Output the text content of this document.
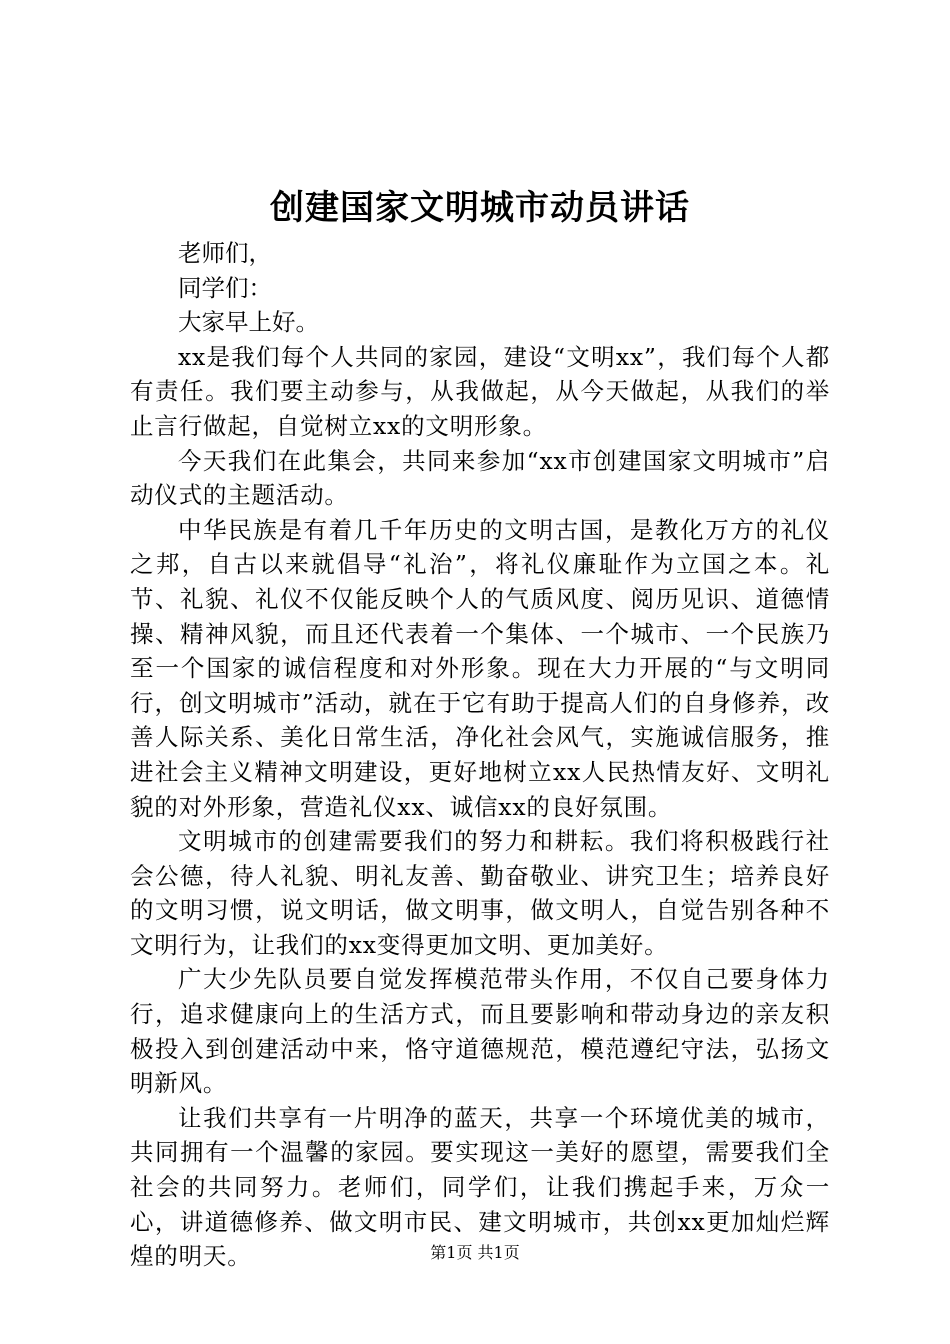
创建国家文明城市动员讲话

老师们，

同学们：

大家早上好。

xx是我们每个人共同的家园，建设“文明xx”，我们每个人都有责任。我们要主动参与，从我做起，从今天做起，从我们的举止言行做起，自觉树立xx的文明形象。

今天我们在此集会，共同来参加“xx市创建国家文明城市”启动仪式的主题活动。

中华民族是有着几千年历史的文明古国，是教化万方的礼仪之邦，自古以来就倡导“礼治”，将礼仪廉耻作为立国之本。礼节、礼貌、礼仪不仅能反映个人的气质风度、阅历见识、道德情操、精神风貌，而且还代表着一个集体、一个城市、一个民族乃至一个国家的诚信程度和对外形象。现在大力开展的“与文明同行，创文明城市”活动，就在于它有助于提高人们的自身修养，改善人际关系、美化日常生活，净化社会风气，实施诚信服务，推进社会主义精神文明建设，更好地树立xx人民热情友好、文明礼貌的对外形象，营造礼仪xx、诚信xx的良好氛围。

文明城市的创建需要我们的努力和耕耘。我们将积极践行社会公德，待人礼貌、明礼友善、勤奋敬业、讲究卫生；培养良好的文明习惯，说文明话，做文明事，做文明人，自觉告别各种不文明行为，让我们的xx变得更加文明、更加美好。

广大少先队员要自觉发挥模范带头作用，不仅自己要身体力行，追求健康向上的生活方式，而且要影响和带动身边的亲友积极投入到创建活动中来，恪守道德规范，模范遵纪守法，弘扬文明新风。

让我们共享有一片明净的蓝天，共享一个环境优美的城市，共同拥有一个温馨的家园。要实现这一美好的愿望，需要我们全社会的共同努力。老师们，同学们，让我们携起手来，万众一心，讲道德修养、做文明市民、建文明城市，共创xx更加灿烂辉煌的明天。	第1页 共1页
